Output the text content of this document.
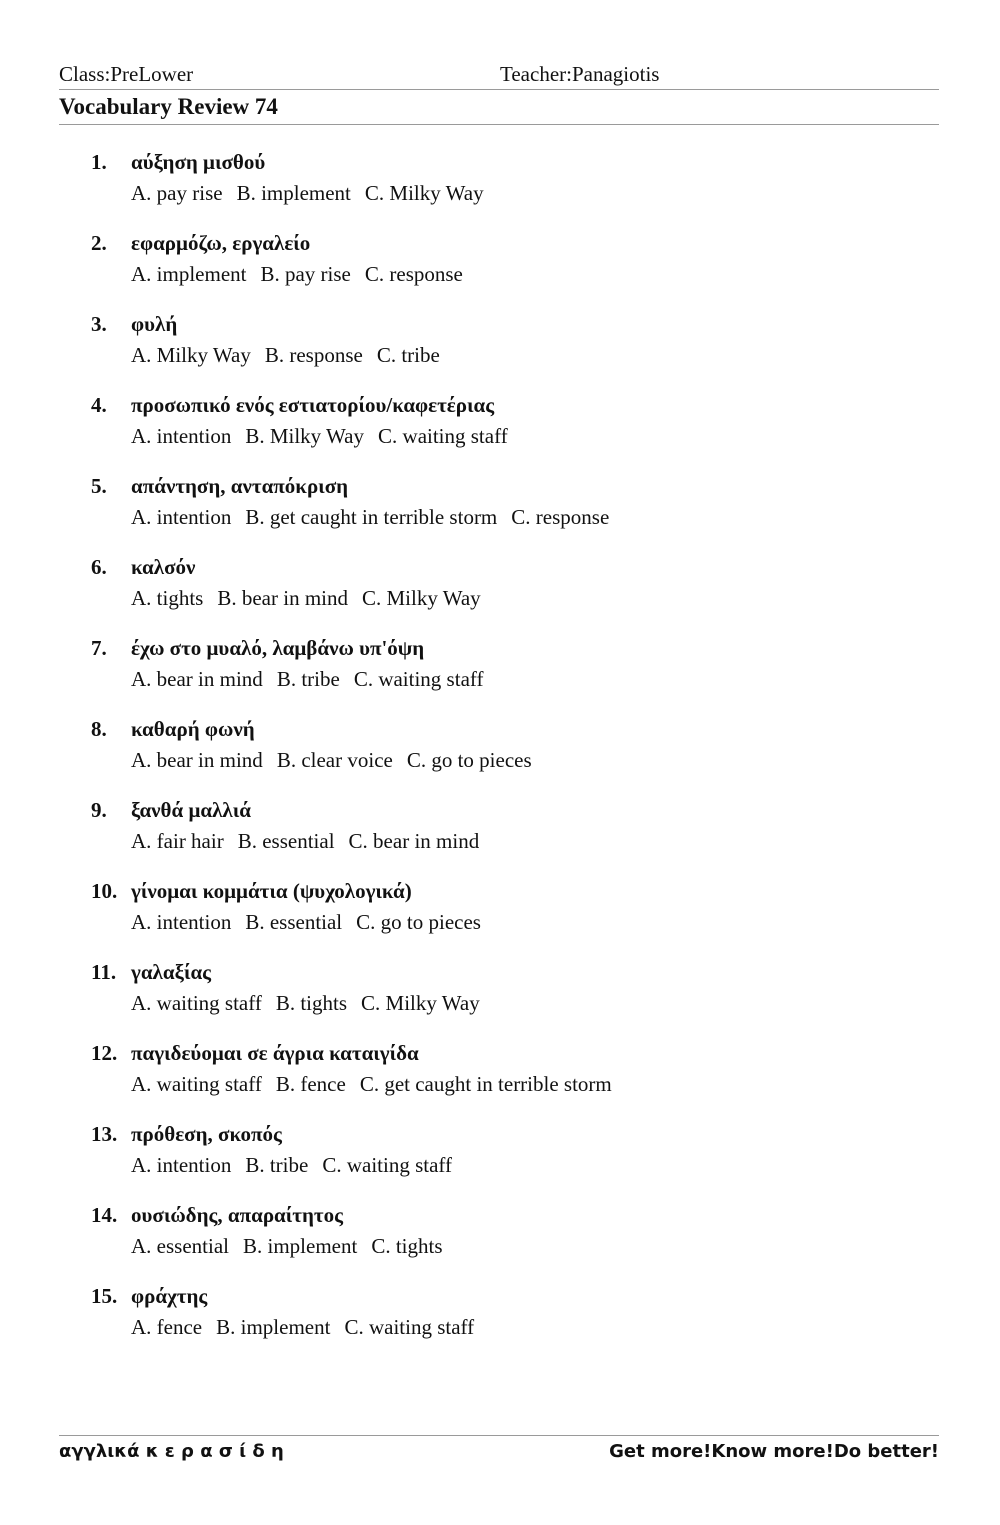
Class:PreLower	Teacher:Panagiotis
Vocabulary Review 74
1.	αύξηση μισθού
A. pay rise B. implement C. Milky Way
2.	εφαρμόζω, εργαλείο
A. implement B. pay rise C. response
3.	φυλή
A. Milky Way B. response C. tribe
4.	προσωπικό ενός εστιατορίου/καφετέριας
A. intention B. Milky Way C. waiting staff
5.	απάντηση, ανταπόκριση
A. intention B. get caught in terrible storm C. response
6.	καλσόν
A. tights B. bear in mind C. Milky Way
7.	έχω στο μυαλό, λαμβάνω υπ'όψη
A. bear in mind B. tribe C. waiting staff
8.	καθαρή φωνή
A. bear in mind B. clear voice C. go to pieces
9.	ξανθά μαλλιά
A. fair hair B. essential C. bear in mind
10. γίνομαι κομμάτια (ψυχολογικά)
A. intention B. essential C. go to pieces
11. γαλαξίας
A. waiting staff B. tights C. Milky Way
12. παγιδεύομαι σε άγρια καταιγίδα
A. waiting staff B. fence C. get caught in terrible storm
13. πρόθεση, σκοπός
A. intention B. tribe C. waiting staff
14. ουσιώδης, απαραίτητος
A. essential B. implement C. tights
15. φράχτης
A. fence B. implement C. waiting staff
αγγλικά κ ε ρ α σ ί δ η	Get more!Know more!Do better!
